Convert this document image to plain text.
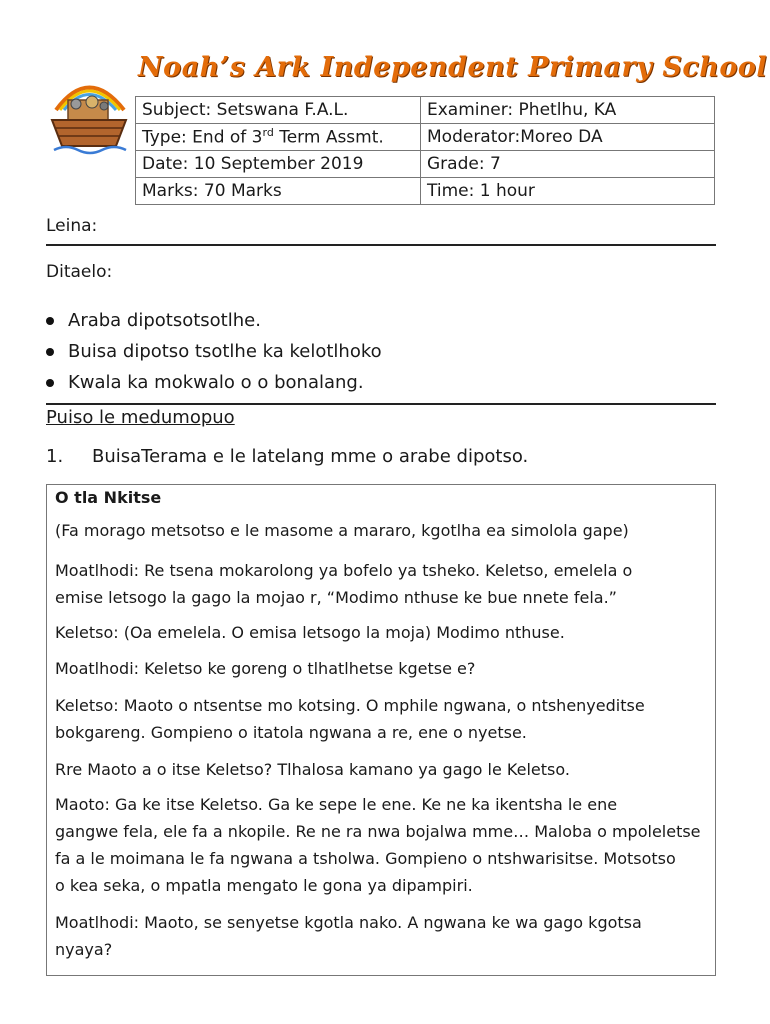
Noah’s Ark Independent Primary School
Subject: Setswana F.A.L.	Examiner: Phetlhu, KA
Type: End of 3rd Term Assmt.	Moderator:Moreo DA
Date: 10 September 2019	Grade: 7
Marks: 70 Marks	Time: 1 hour
Leina:
Ditaelo:
Araba dipotsotsotlhe.
Buisa dipotso tsotlhe ka kelotlhoko
Kwala ka mokwalo o o bonalang.
Puiso le medumopuo
1. BuisaTerama e le latelang mme o arabe dipotso.

O tla Nkitse

(Fa morago metsotso e le masome a mararo, kgotlha ea simolola gape)

Moatlhodi: Re tsena mokarolong ya bofelo ya tsheko. Keletso, emelela o

emise letsogo la gago la mojao r, “Modimo nthuse ke bue nnete fela.”

Keletso: (Oa emelela. O emisa letsogo la moja) Modimo nthuse.

Moatlhodi: Keletso ke goreng o tlhatlhetse kgetse e?

Keletso: Maoto o ntsentse mo kotsing. O mphile ngwana, o ntshenyeditse

bokgareng. Gompieno o itatola ngwana a re, ene o nyetse.

Rre Maoto a o itse Keletso? Tlhalosa kamano ya gago le Keletso.

Maoto: Ga ke itse Keletso. Ga ke sepe le ene. Ke ne ka ikentsha le ene

gangwe fela, ele fa a nkopile. Re ne ra nwa bojalwa mme… Maloba o mpoleletse

fa a le moimana le fa ngwana a tsholwa. Gompieno o ntshwarisitse. Motsotso

o kea seka, o mpatla mengato le gona ya dipampiri.

Moatlhodi: Maoto, se senyetse kgotla nako. A ngwana ke wa gago kgotsa

nyaya?
